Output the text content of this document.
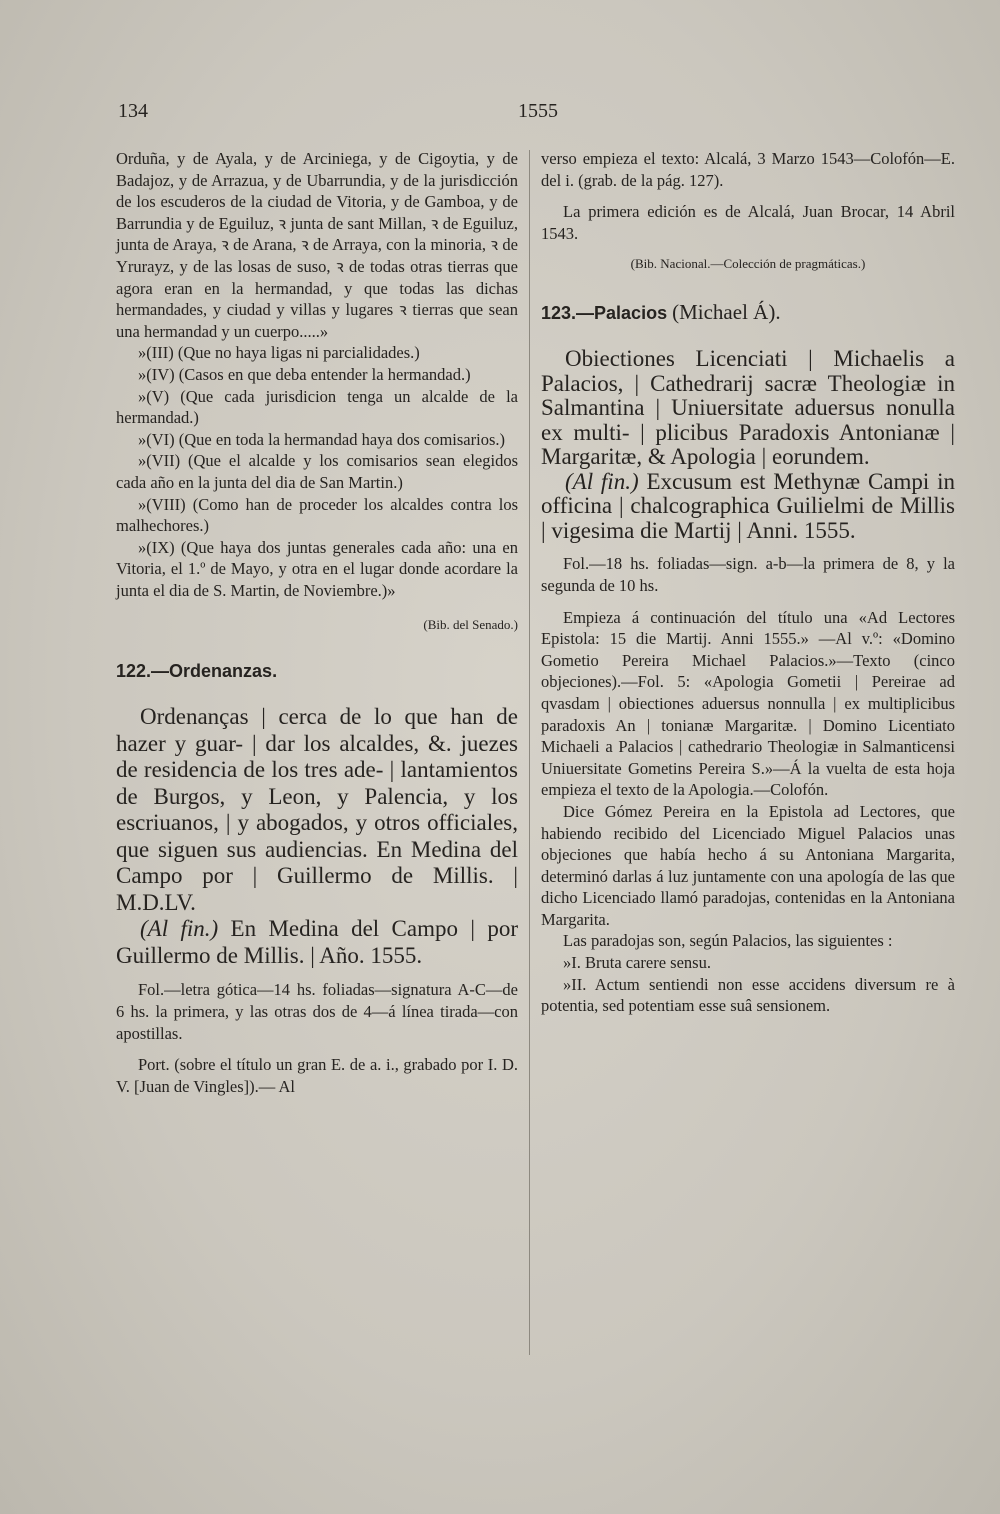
134	1555

Orduña, y de Ayala, y de Arciniega, y de Cigoytia, y de Badajoz, y de Arrazua, y de Ubarrundia, y de la jurisdicción de los escuderos de la ciudad de Vitoria, y de Gamboa, y de Barrundia y de Eguiluz, ꝛ junta de sant Millan, ꝛ de Eguiluz, junta de Araya, ꝛ de Arana, ꝛ de Arraya, con la minoria, ꝛ de Yrurayz, y de las losas de suso, ꝛ de todas otras tierras que agora eran en la hermandad, y que todas las dichas hermandades, y ciudad y villas y lugares ꝛ tierras que sean una hermandad y un cuerpo.....»

»(III) (Que no haya ligas ni parcialidades.)

»(IV) (Casos en que deba entender la hermandad.)

»(V) (Que cada jurisdicion tenga un alcalde de la hermandad.)

»(VI) (Que en toda la hermandad haya dos comisarios.)

»(VII) (Que el alcalde y los comisarios sean elegidos cada año en la junta del dia de San Martin.)

»(VIII) (Como han de proceder los alcaldes contra los malhechores.)

»(IX) (Que haya dos juntas generales cada año: una en Vitoria, el 1.º de Mayo, y otra en el lugar donde acordare la junta el dia de S. Martin, de Noviembre.)»

(Bib. del Senado.)

122.—Ordenanzas.

Ordenanças | cerca de lo que han de hazer y guar- | dar los alcaldes, &. juezes de residencia de los tres ade- | lantamientos de Burgos, y Leon, y Palencia, y los escriuanos, | y abogados, y otros officiales, que siguen sus audiencias. En Medina del Campo por | Guillermo de Millis. | M.D.LV.

(Al fin.) En Medina del Campo | por Guillermo de Millis. | Año. 1555.

Fol.—letra gótica—14 hs. foliadas—signatura A-C—de 6 hs. la primera, y las otras dos de 4—á línea tirada—con apostillas.

Port. (sobre el título un gran E. de a. i., grabado por I. D. V. [Juan de Vingles]).— Al

verso empieza el texto: Alcalá, 3 Marzo 1543—Colofón—E. del i. (grab. de la pág. 127).

La primera edición es de Alcalá, Juan Brocar, 14 Abril 1543.

(Bib. Nacional.—Colección de pragmáticas.)

123.—Palacios (Michael Á).

Obiectiones Licenciati | Michaelis a Palacios, | Cathedrarij sacræ Theologiæ in Salmantina | Uniuersitate aduersus nonulla ex multi- | plicibus Paradoxis Antonianæ | Margaritæ, & Apologia | eorundem.

(Al fin.) Excusum est Methynæ Campi in officina | chalcographica Guilielmi de Millis | vigesima die Martij | Anni. 1555.

Fol.—18 hs. foliadas—sign. a-b—la primera de 8, y la segunda de 10 hs.

Empieza á continuación del título una «Ad Lectores Epistola: 15 die Martij. Anni 1555.» —Al v.º: «Domino Gometio Pereira Michael Palacios.»—Texto (cinco objeciones).—Fol. 5: «Apologia Gometii | Pereirae ad qvasdam | obiectiones aduersus nonnulla | ex multiplicibus paradoxis An | tonianæ Margaritæ. | Domino Licentiato Michaeli a Palacios | cathedrario Theologiæ in Salmanticensi Uniuersitate Gometins Pereira S.»—Á la vuelta de esta hoja empieza el texto de la Apologia.—Colofón.

Dice Gómez Pereira en la Epistola ad Lectores, que habiendo recibido del Licenciado Miguel Palacios unas objeciones que había hecho á su Antoniana Margarita, determinó darlas á luz juntamente con una apología de las que dicho Licenciado llamó paradojas, contenidas en la Antoniana Margarita.

Las paradojas son, según Palacios, las siguientes :

»I. Bruta carere sensu.

»II. Actum sentiendi non esse accidens diversum re à potentia, sed potentiam esse suâ sensionem.
